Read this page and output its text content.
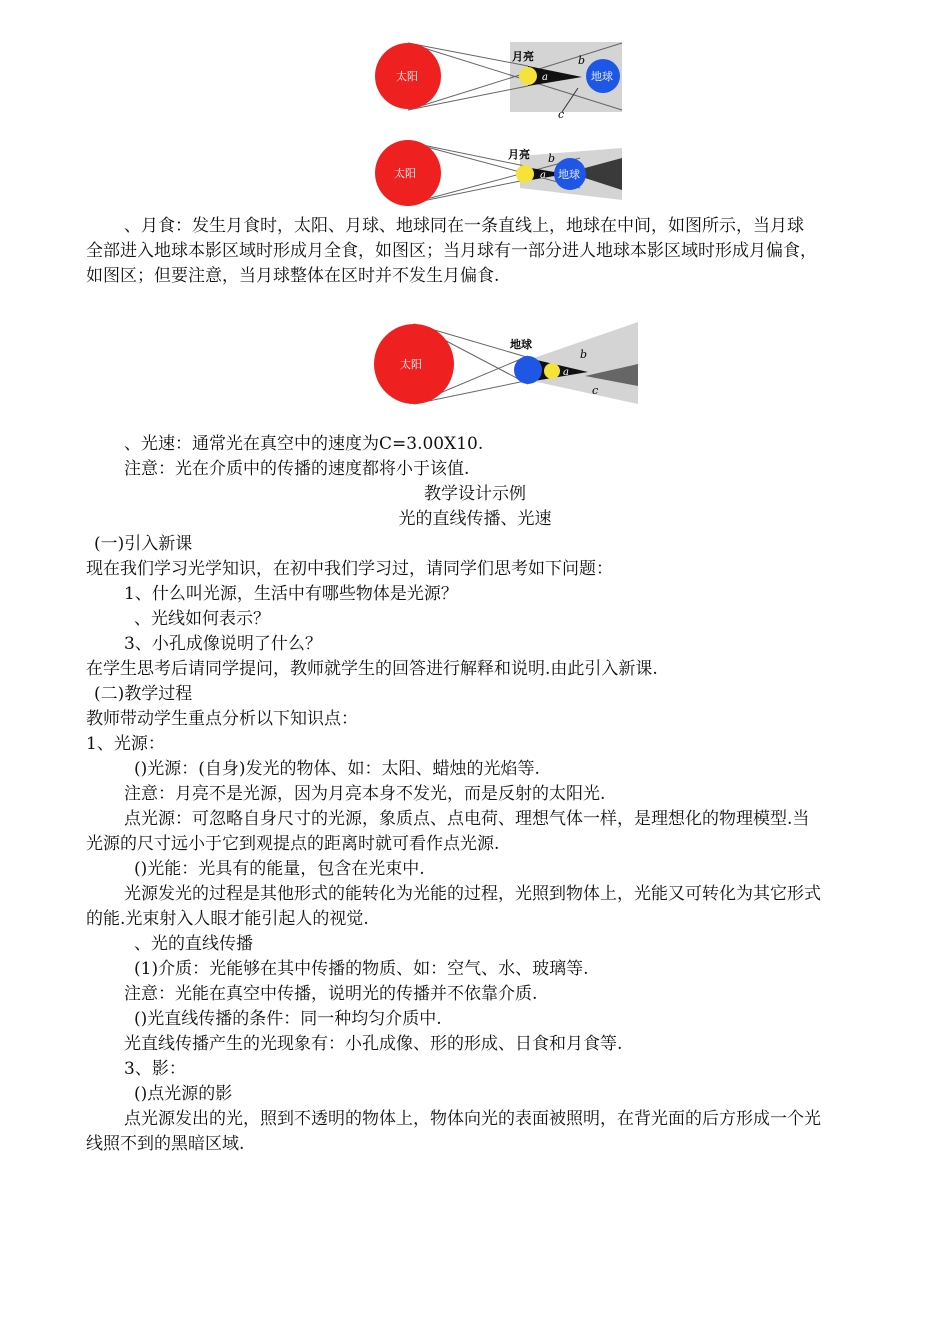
太阳
月亮
a
b
c
地球
太阳
月亮
a
b
地球
太阳
地球
a
b
c
、月食：发生月食时，太阳、月球、地球同在一条直线上，地球在中间，如图所示，当月球
全部进入地球本影区域时形成月全食，如图区；当月球有一部分进人地球本影区域时形成月偏食，
如图区；但要注意，当月球整体在区时并不发生月偏食.
、光速：通常光在真空中的速度为C=3.00X10.
注意：光在介质中的传播的速度都将小于该值.
教学设计示例
光的直线传播、光速
(一)引入新课
现在我们学习光学知识，在初中我们学习过，请同学们思考如下问题：
1、什么叫光源，生活中有哪些物体是光源？
、光线如何表示？
3、小孔成像说明了什么？
在学生思考后请同学提问，教师就学生的回答进行解释和说明.由此引入新课.
(二)教学过程
教师带动学生重点分析以下知识点：
1、光源：
()光源：(自身)发光的物体、如：太阳、蜡烛的光焰等.
注意：月亮不是光源，因为月亮本身不发光，而是反射的太阳光.
点光源：可忽略自身尺寸的光源，象质点、点电荷、理想气体一样，是理想化的物理模型.当
光源的尺寸远小于它到观提点的距离时就可看作点光源.
()光能：光具有的能量，包含在光束中.
光源发光的过程是其他形式的能转化为光能的过程，光照到物体上，光能又可转化为其它形式
的能.光束射入人眼才能引起人的视觉.
、光的直线传播
(1)介质：光能够在其中传播的物质、如：空气、水、玻璃等.
注意：光能在真空中传播，说明光的传播并不依靠介质.
()光直线传播的条件：同一种均匀介质中.
光直线传播产生的光现象有：小孔成像、形的形成、日食和月食等.
3、影：
()点光源的影
点光源发出的光，照到不透明的物体上，物体向光的表面被照明，在背光面的后方形成一个光
线照不到的黑暗区域.
